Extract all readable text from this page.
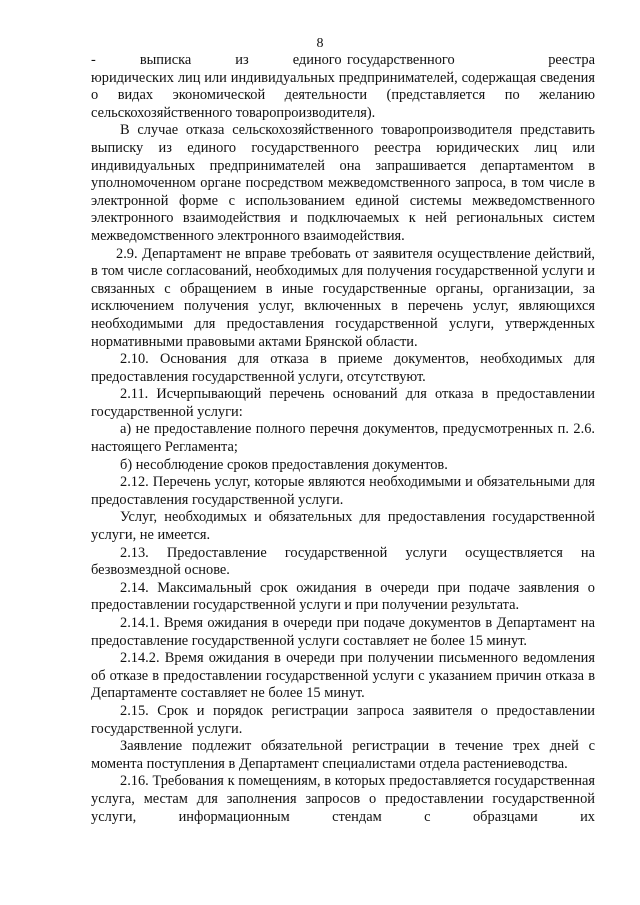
8

-        выписка        из        единого государственного                 реестра юридических лиц или индивидуальных предпринимателей, содержащая сведения о видах экономической деятельности (представляется по желанию сельскохозяйственного товаропроизводителя).

В случае отказа сельскохозяйственного товаропроизводителя представить выписку из единого государственного реестра юридических лиц или индивидуальных предпринимателей она запрашивается департаментом в уполномоченном органе посредством межведомственного запроса, в том числе в электронной форме с использованием единой системы межведомственного электронного взаимодействия и подключаемых к ней региональных систем межведомственного электронного взаимодействия.

2.9. Департамент не вправе требовать от заявителя осуществление действий, в том числе согласований, необходимых для получения государственной услуги и связанных с обращением в иные государственные органы, организации, за исключением получения услуг, включенных в перечень услуг, являющихся необходимыми для предоставления государственной услуги, утвержденных нормативными правовыми актами Брянской области.

2.10. Основания для отказа в приеме документов, необходимых для предоставления государственной услуги, отсутствуют.

2.11. Исчерпывающий перечень оснований для отказа в предоставлении государственной услуги:

а) не предоставление полного перечня документов, предусмотренных п. 2.6. настоящего Регламента;

б) несоблюдение сроков предоставления документов.

2.12. Перечень услуг, которые являются необходимыми и обязательными для предоставления государственной услуги.

Услуг, необходимых и обязательных для предоставления государственной услуги, не имеется.

2.13. Предоставление государственной услуги осуществляется на безвозмездной основе.

2.14. Максимальный срок ожидания в очереди при подаче заявления о предоставлении государственной услуги и при получении результата.

2.14.1. Время ожидания в очереди при подаче документов в Департамент на предоставление государственной услуги составляет не более 15 минут.

2.14.2. Время ожидания в очереди при получении письменного ведомления об отказе в предоставлении государственной услуги с указанием причин отказа в Департаменте составляет не более 15 минут.

2.15. Срок и порядок регистрации запроса заявителя о предоставлении государственной услуги.

Заявление подлежит обязательной регистрации в течение трех дней с момента поступления в Департамент специалистами отдела растениеводства.

2.16. Требования к помещениям, в которых предоставляется государственная услуга, местам для заполнения запросов о предоставлении государственной услуги, информационным стендам с образцами их
